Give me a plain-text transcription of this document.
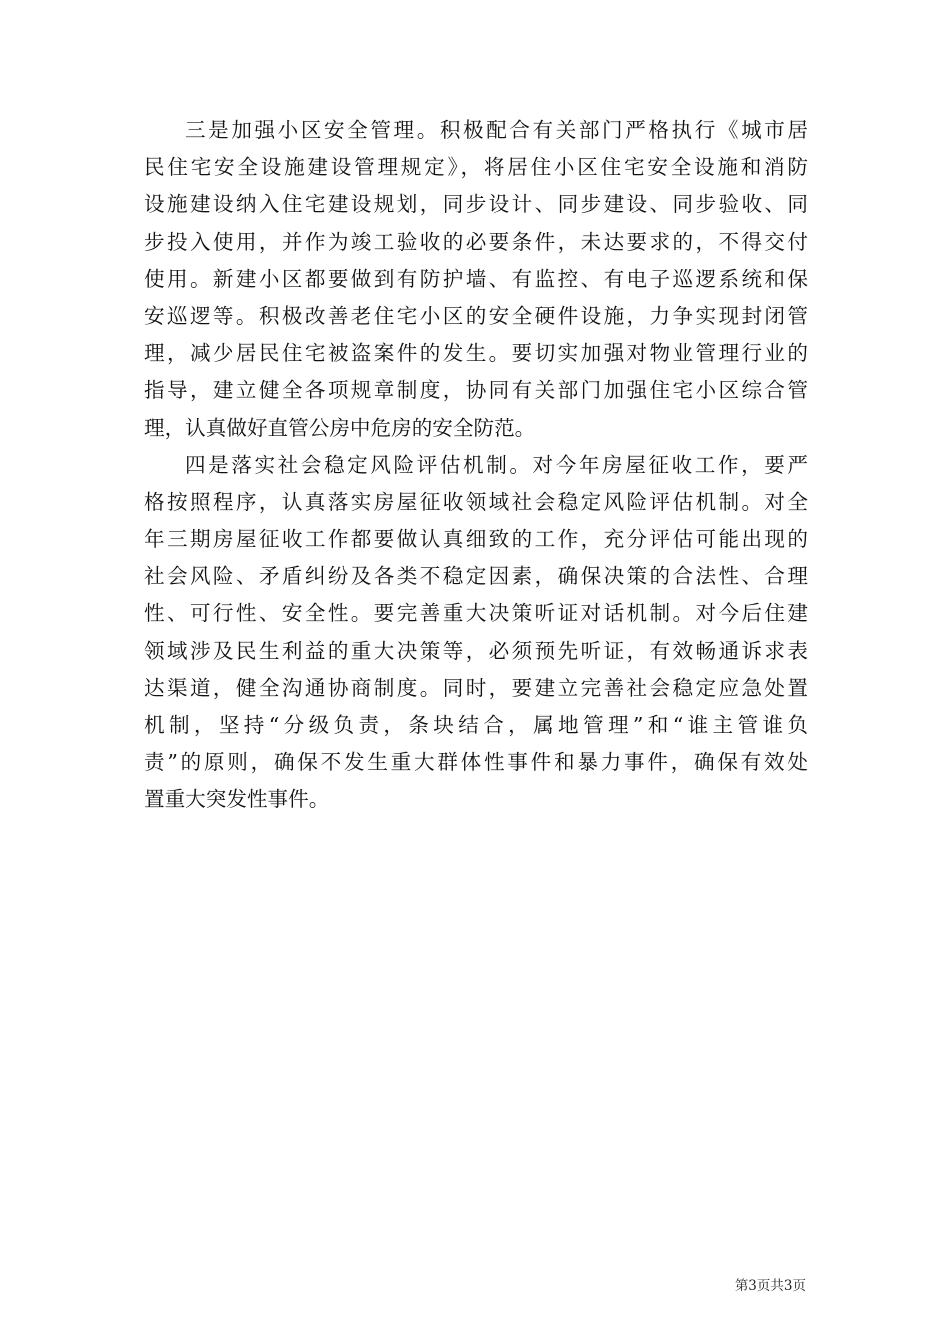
三是加强小区安全管理。积极配合有关部门严格执行《城市居
民住宅安全设施建设管理规定》，将居住小区住宅安全设施和消防
设施建设纳入住宅建设规划，同步设计、同步建设、同步验收、同
步投入使用，并作为竣工验收的必要条件，未达要求的，不得交付
使用。新建小区都要做到有防护墙、有监控、有电子巡逻系统和保
安巡逻等。积极改善老住宅小区的安全硬件设施，力争实现封闭管
理，减少居民住宅被盗案件的发生。要切实加强对物业管理行业的
指导，建立健全各项规章制度，协同有关部门加强住宅小区综合管
理，认真做好直管公房中危房的安全防范。
四是落实社会稳定风险评估机制。对今年房屋征收工作，要严
格按照程序，认真落实房屋征收领域社会稳定风险评估机制。对全
年三期房屋征收工作都要做认真细致的工作，充分评估可能出现的
社会风险、矛盾纠纷及各类不稳定因素，确保决策的合法性、合理
性、可行性、安全性。要完善重大决策听证对话机制。对今后住建
领域涉及民生利益的重大决策等，必须预先听证，有效畅通诉求表
达渠道，健全沟通协商制度。同时，要建立完善社会稳定应急处置
机制，坚持“分级负责，条块结合，属地管理”和“谁主管谁负
责”的原则，确保不发生重大群体性事件和暴力事件，确保有效处
置重大突发性事件。
第3页共3页
